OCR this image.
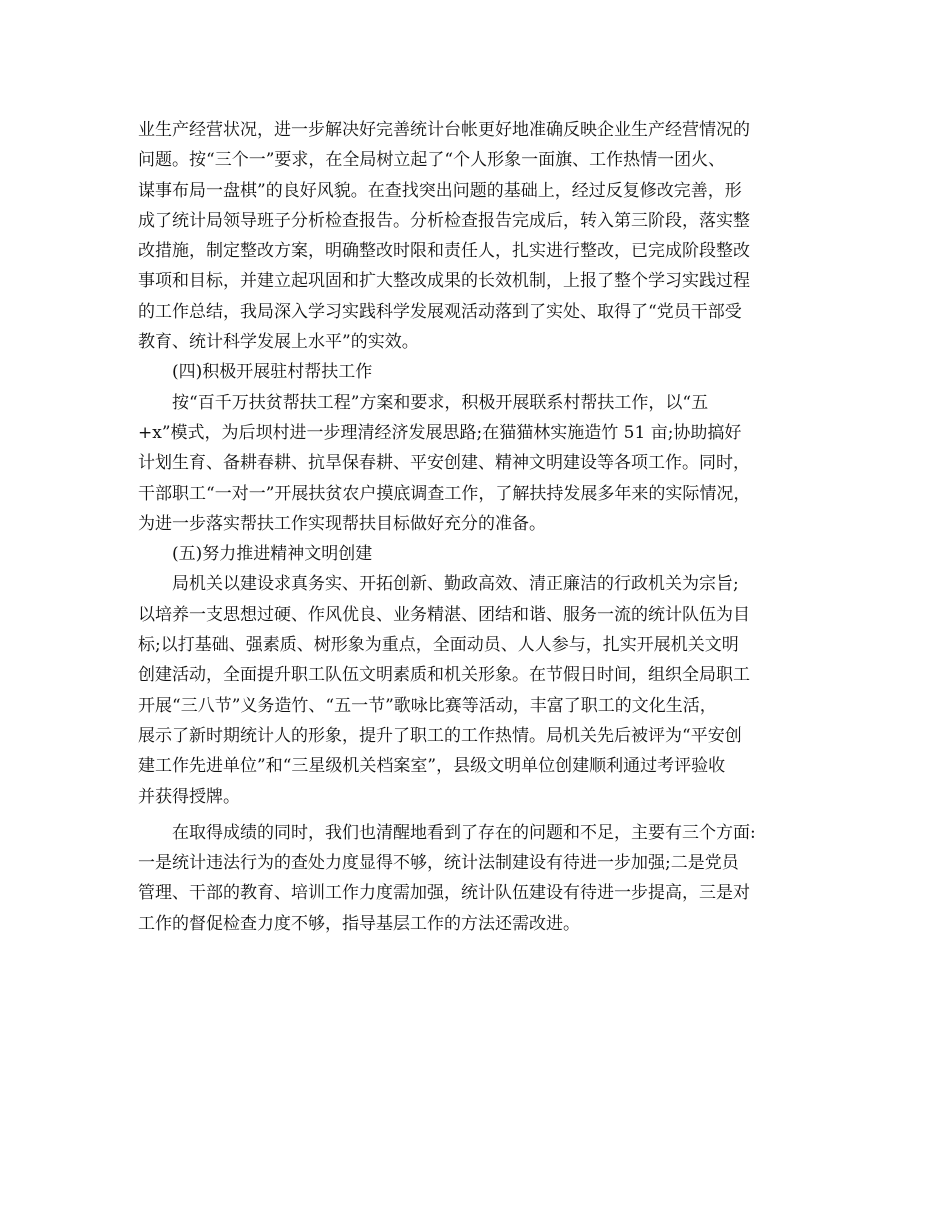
业生产经营状况，进一步解决好完善统计台帐更好地准确反映企业生产经营情况的
问题。按“三个一”要求，在全局树立起了“个人形象一面旗、工作热情一团火、
谋事布局一盘棋”的良好风貌。在查找突出问题的基础上，经过反复修改完善，形
成了统计局领导班子分析检查报告。分析检查报告完成后，转入第三阶段，落实整
改措施，制定整改方案，明确整改时限和责任人，扎实进行整改，已完成阶段整改
事项和目标，并建立起巩固和扩大整改成果的长效机制，上报了整个学习实践过程
的工作总结，我局深入学习实践科学发展观活动落到了实处、取得了“党员干部受
教育、统计科学发展上水平”的实效。
(四)积极开展驻村帮扶工作
按“百千万扶贫帮扶工程”方案和要求，积极开展联系村帮扶工作，以“五
+x”模式，为后坝村进一步理清经济发展思路;在猫猫林实施造竹 51 亩;协助搞好
计划生育、备耕春耕、抗旱保春耕、平安创建、精神文明建设等各项工作。同时，
干部职工“一对一”开展扶贫农户摸底调查工作，了解扶持发展多年来的实际情况，
为进一步落实帮扶工作实现帮扶目标做好充分的准备。
(五)努力推进精神文明创建
局机关以建设求真务实、开拓创新、勤政高效、清正廉洁的行政机关为宗旨;
以培养一支思想过硬、作风优良、业务精湛、团结和谐、服务一流的统计队伍为目
标;以打基础、强素质、树形象为重点，全面动员、人人参与，扎实开展机关文明
创建活动，全面提升职工队伍文明素质和机关形象。在节假日时间，组织全局职工
开展“三八节”义务造竹、“五一节”歌咏比赛等活动，丰富了职工的文化生活，
展示了新时期统计人的形象，提升了职工的工作热情。局机关先后被评为“平安创
建工作先进单位”和“三星级机关档案室”，县级文明单位创建顺利通过考评验收
并获得授牌。
在取得成绩的同时，我们也清醒地看到了存在的问题和不足，主要有三个方面:
一是统计违法行为的查处力度显得不够，统计法制建设有待进一步加强;二是党员
管理、干部的教育、培训工作力度需加强，统计队伍建设有待进一步提高，三是对
工作的督促检查力度不够，指导基层工作的方法还需改进。
